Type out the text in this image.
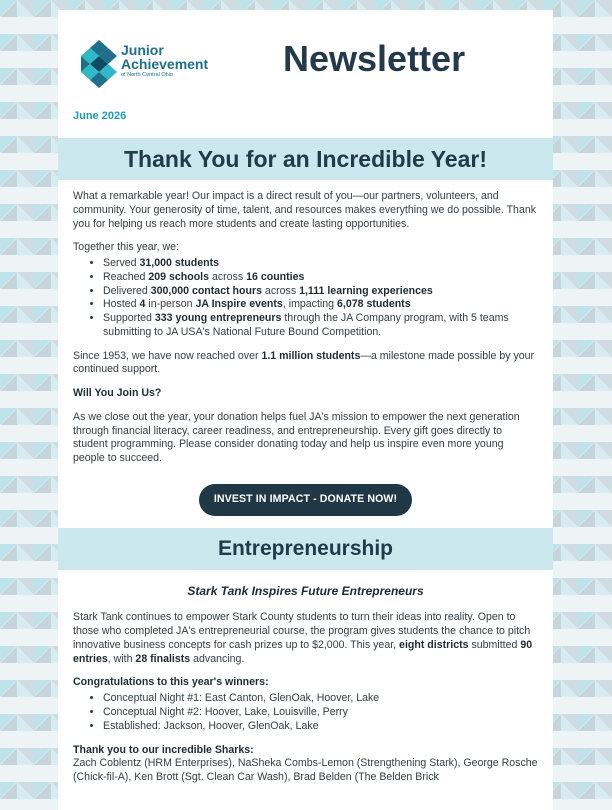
Junior
Achievement
of North Central Ohio	Newsletter
June 2026
Thank You for an Incredible Year!

What a remarkable year! Our impact is a direct result of you—our partners, volunteers, and community. Your generosity of time, talent, and resources makes everything we do possible. Thank you for helping us reach more students and create lasting opportunities.

Together this year, we:

• Served 31,000 students
• Reached 209 schools across 16 counties
• Delivered 300,000 contact hours across 1,111 learning experiences
• Hosted 4 in-person JA Inspire events, impacting 6,078 students
• Supported 333 young entrepreneurs through the JA Company program, with 5 teams submitting to JA USA's National Future Bound Competition.

Since 1953, we have now reached over 1.1 million students—a milestone made possible by your continued support.

Will You Join Us?

As we close out the year, your donation helps fuel JA's mission to empower the next generation through financial literacy, career readiness, and entrepreneurship. Every gift goes directly to student programming. Please consider donating today and help us inspire even more young people to succeed.

INVEST IN IMPACT - DONATE NOW!
Entrepreneurship
Stark Tank Inspires Future Entrepreneurs

Stark Tank continues to empower Stark County students to turn their ideas into reality. Open to those who completed JA's entrepreneurial course, the program gives students the chance to pitch innovative business concepts for cash prizes up to $2,000. This year, eight districts submitted 90 entries, with 28 finalists advancing.

Congratulations to this year's winners:

• Conceptual Night #1: East Canton, GlenOak, Hoover, Lake
• Conceptual Night #2: Hoover, Lake, Louisville, Perry
• Established: Jackson, Hoover, GlenOak, Lake

Thank you to our incredible Sharks:

Zach Coblentz (HRM Enterprises), NaSheka Combs-Lemon (Strengthening Stark), George Rosche (Chick-fil-A), Ken Brott (Sgt. Clean Car Wash), Brad Belden (The Belden Brick
